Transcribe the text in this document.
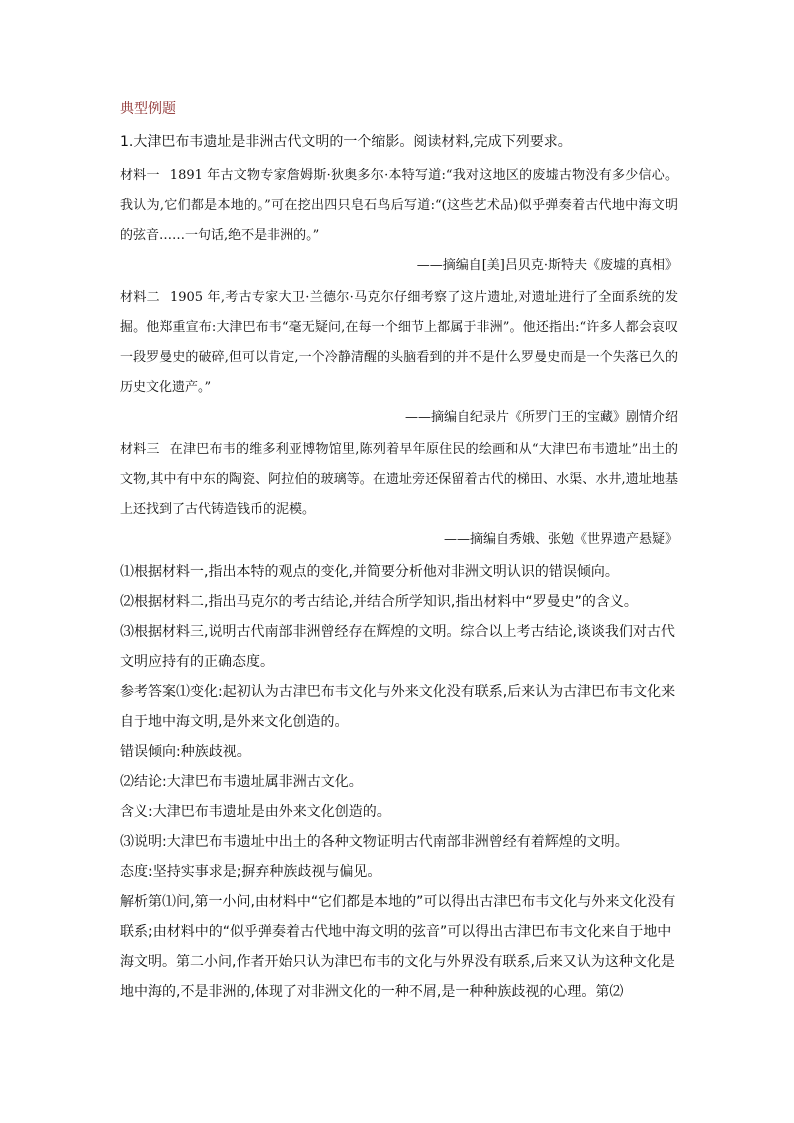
典型例题

1.大津巴布韦遗址是非洲古代文明的一个缩影。阅读材料,完成下列要求。

材料一 1891 年古文物专家詹姆斯·狄奥多尔·本特写道:“我对这地区的废墟古物没有多少信心。我认为,它们都是本地的。”可在挖出四只皂石鸟后写道:“(这些艺术品)似乎弹奏着古代地中海文明的弦音……一句话,绝不是非洲的。”

——摘编自[美]吕贝克·斯特夫《废墟的真相》

材料二 1905 年,考古专家大卫·兰德尔·马克尔仔细考察了这片遗址,对遗址进行了全面系统的发掘。他郑重宣布:大津巴布韦“毫无疑问,在每一个细节上都属于非洲”。他还指出:“许多人都会哀叹一段罗曼史的破碎,但可以肯定,一个冷静清醒的头脑看到的并不是什么罗曼史而是一个失落已久的历史文化遗产。”

——摘编自纪录片《所罗门王的宝藏》剧情介绍

材料三 在津巴布韦的维多利亚博物馆里,陈列着早年原住民的绘画和从“大津巴布韦遗址”出土的文物,其中有中东的陶瓷、阿拉伯的玻璃等。在遗址旁还保留着古代的梯田、水渠、水井,遗址地基上还找到了古代铸造钱币的泥模。

——摘编自秀娥、张勉《世界遗产悬疑》

⑴根据材料一,指出本特的观点的变化,并简要分析他对非洲文明认识的错误倾向。

⑵根据材料二,指出马克尔的考古结论,并结合所学知识,指出材料中“罗曼史”的含义。

⑶根据材料三,说明古代南部非洲曾经存在辉煌的文明。综合以上考古结论,谈谈我们对古代文明应持有的正确态度。

参考答案⑴变化:起初认为古津巴布韦文化与外来文化没有联系,后来认为古津巴布韦文化来自于地中海文明,是外来文化创造的。

错误倾向:种族歧视。

⑵结论:大津巴布韦遗址属非洲古文化。

含义:大津巴布韦遗址是由外来文化创造的。

⑶说明:大津巴布韦遗址中出土的各种文物证明古代南部非洲曾经有着辉煌的文明。

态度:坚持实事求是;摒弃种族歧视与偏见。

解析第⑴问,第一小问,由材料中“它们都是本地的”可以得出古津巴布韦文化与外来文化没有联系;由材料中的“似乎弹奏着古代地中海文明的弦音”可以得出古津巴布韦文化来自于地中海文明。第二小问,作者开始只认为津巴布韦的文化与外界没有联系,后来又认为这种文化是地中海的,不是非洲的,体现了对非洲文化的一种不屑,是一种种族歧视的心理。第⑵
